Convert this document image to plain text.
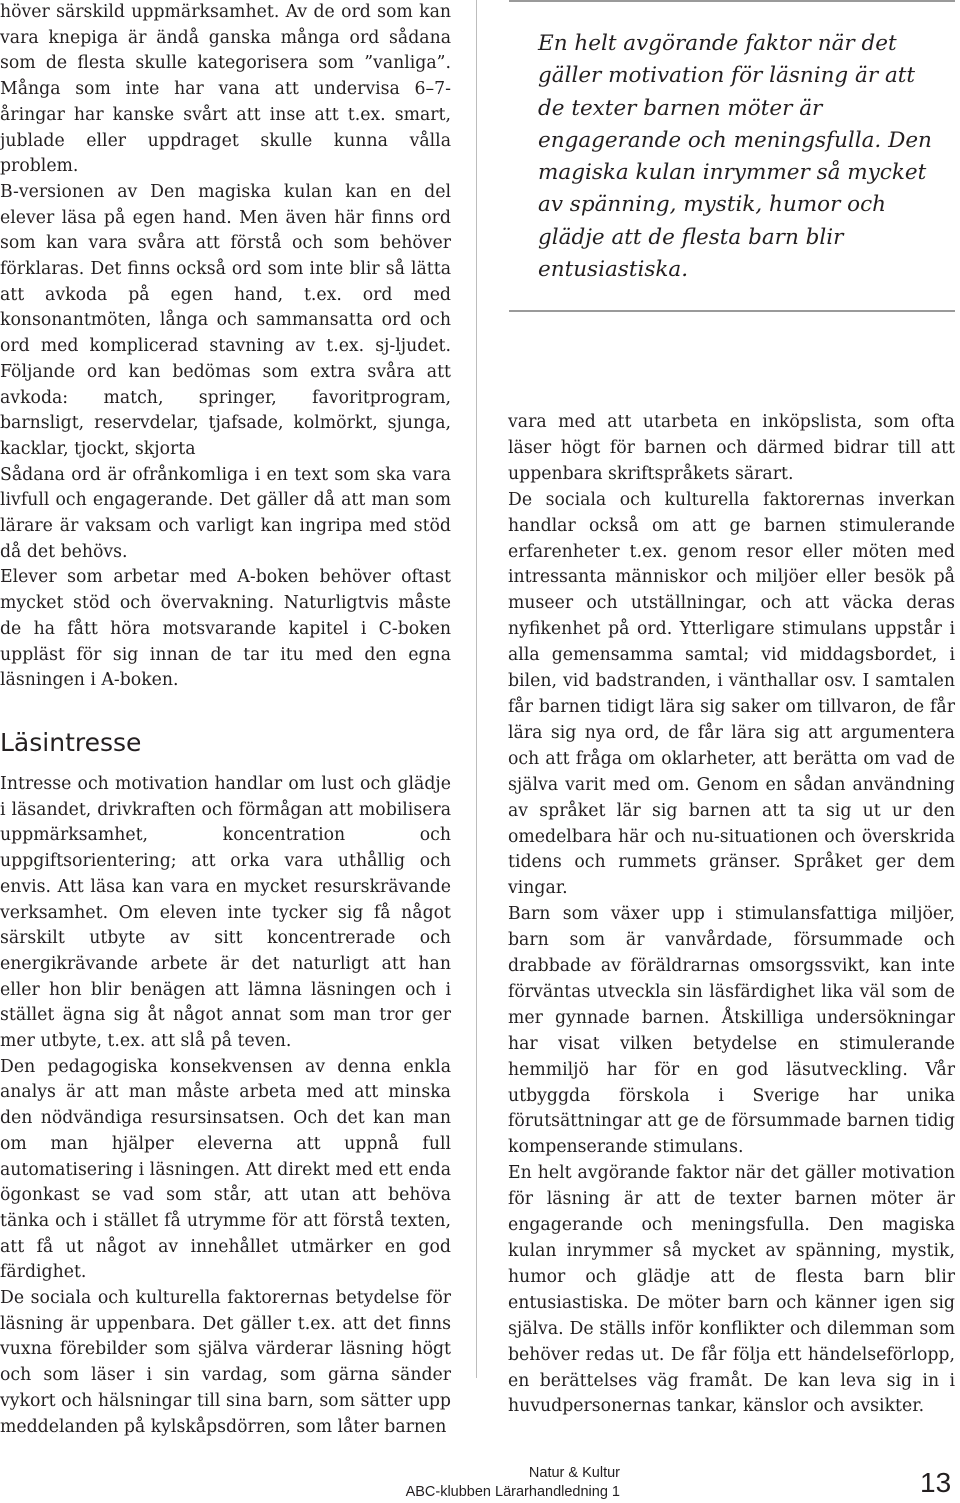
höver särskild uppmärksamhet. Av de ord som kan vara knepiga är ändå ganska många ord sådana som de flesta skulle kategorisera som ”vanliga”. Många som inte har vana att undervisa 6–7-åringar har kanske svårt att inse att t.ex. smart, jublade eller uppdraget skulle kunna vålla problem.

B-versionen av Den magiska kulan kan en del elever läsa på egen hand. Men även här finns ord som kan vara svåra att förstå och som behöver förklaras. Det finns också ord som inte blir så lätta att avkoda på egen hand, t.ex. ord med konsonantmöten, långa och sammansatta ord och ord med komplicerad stavning av t.ex. sj-ljudet. Följande ord kan bedömas som extra svåra att avkoda: match, springer, favoritprogram, barnsligt, reservdelar, tjafsade, kolmörkt, sjunga, kacklar, tjockt, skjorta

Sådana ord är ofrånkomliga i en text som ska vara livfull och engagerande. Det gäller då att man som lärare är vaksam och varligt kan ingripa med stöd då det behövs.

Elever som arbetar med A-boken behöver oftast mycket stöd och övervakning. Naturligtvis måste de ha fått höra motsvarande kapitel i C-boken uppläst för sig innan de tar itu med den egna läsningen i A-boken.

Läsintresse

Intresse och motivation handlar om lust och glädje i läsandet, drivkraften och förmågan att mobilisera uppmärksamhet, koncentration och uppgiftsorientering; att orka vara uthållig och envis. Att läsa kan vara en mycket resurskrävande verksamhet. Om eleven inte tycker sig få något särskilt utbyte av sitt koncentrerade och energikrävande arbete är det naturligt att han eller hon blir benägen att lämna läsningen och i stället ägna sig åt något annat som man tror ger mer utbyte, t.ex. att slå på teven.

Den pedagogiska konsekvensen av denna enkla analys är att man måste arbeta med att minska den nödvändiga resursinsatsen. Och det kan man om man hjälper eleverna att uppnå full automatisering i läsningen. Att direkt med ett enda ögonkast se vad som står, att utan att behöva tänka och i stället få utrymme för att förstå texten, att få ut något av innehållet utmärker en god färdighet.

De sociala och kulturella faktorernas betydelse för läsning är uppenbara. Det gäller t.ex. att det finns vuxna förebilder som själva värderar läsning högt och som läser i sin vardag, som gärna sänder vykort och hälsningar till sina barn, som sätter upp meddelanden på kylskåpsdörren, som låter barnen

En helt avgörande faktor när det gäller motivation för läsning är att de texter barnen möter är engagerande och meningsfulla. Den magiska kulan inrymmer så mycket av spänning, mystik, humor och glädje att de flesta barn blir entusiastiska.

vara med att utarbeta en inköpslista, som ofta läser högt för barnen och därmed bidrar till att uppenbara skriftspråkets särart.

De sociala och kulturella faktorernas inverkan handlar också om att ge barnen stimulerande erfarenheter t.ex. genom resor eller möten med intressanta människor och miljöer eller besök på museer och utställningar, och att väcka deras nyfikenhet på ord. Ytterligare stimulans uppstår i alla gemensamma samtal; vid middagsbordet, i bilen, vid badstranden, i vänthallar osv. I samtalen får barnen tidigt lära sig saker om tillvaron, de får lära sig nya ord, de får lära sig att argumentera och att fråga om oklarheter, att berätta om vad de själva varit med om. Genom en sådan användning av språket lär sig barnen att ta sig ut ur den omedelbara här och nu-situationen och överskrida tidens och rummets gränser. Språket ger dem vingar.

Barn som växer upp i stimulansfattiga miljöer, barn som är vanvårdade, försummade och drabbade av föräldrarnas omsorgssvikt, kan inte förväntas utveckla sin läsfärdighet lika väl som de mer gynnade barnen. Åtskilliga undersökningar har visat vilken betydelse en stimulerande hemmiljö har för en god läsutveckling. Vår utbyggda förskola i Sverige har unika förutsättningar att ge de försummade barnen tidig kompenserande stimulans.

En helt avgörande faktor när det gäller motivation för läsning är att de texter barnen möter är engagerande och meningsfulla. Den magiska kulan inrymmer så mycket av spänning, mystik, humor och glädje att de flesta barn blir entusiastiska. De möter barn och känner igen sig själva. De ställs inför konflikter och dilemman som behöver redas ut. De får följa ett händelseförlopp, en berättelses väg framåt. De kan leva sig in i huvudpersonernas tankar, känslor och avsikter.

Natur & Kultur
ABC-klubben Lärarhandledning 1	13
